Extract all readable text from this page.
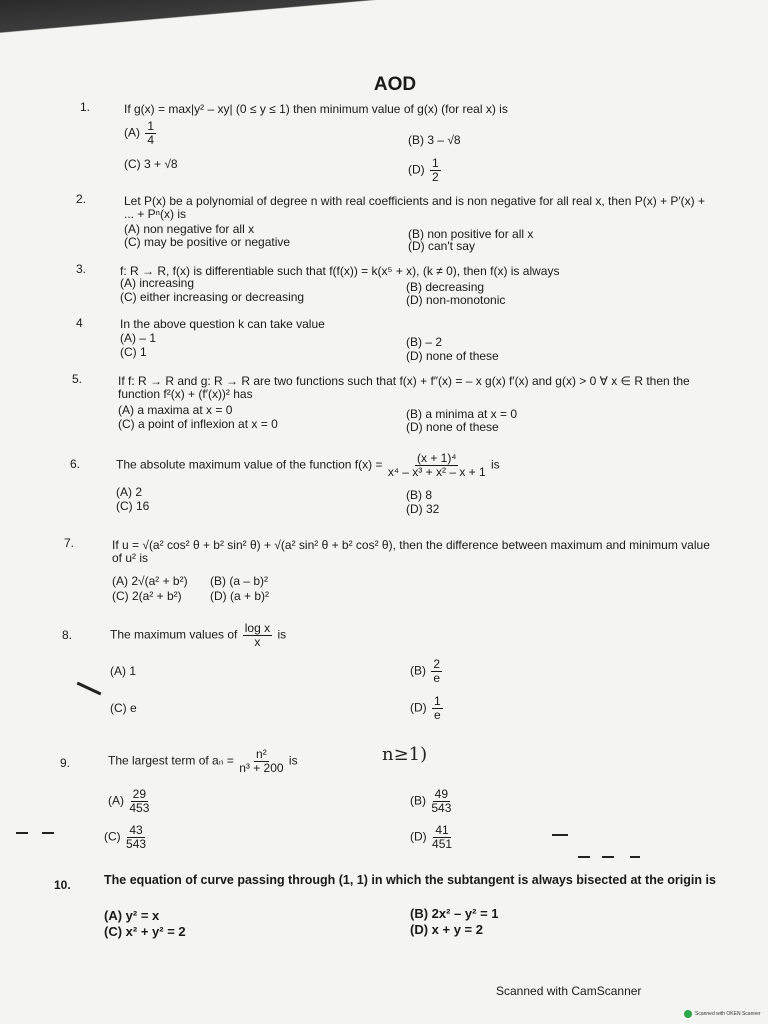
AOD
1.	If g(x) = max|y² – xy| (0 ≤ y ≤ 1) then minimum value of g(x) (for real x) is
$(A) \frac{1}{4}$	(B) 3 – √8
(C) 3 + √8	$(D) \frac{1}{2}$
2.	Let P(x) be a polynomial of degree n with real coefficients and is non negative for all real x, then P(x) + P′(x) + ... + Pⁿ(x) is
(A) non negative for all x	(B) non positive for all x
(C) may be positive or negative	(D) can't say
3.	f: R → R, f(x) is differentiable such that f(f(x)) = k(x⁵ + x), (k ≠ 0), then f(x) is always
(A) increasing	(B) decreasing
(C) either increasing or decreasing	(D) non-monotonic
4	In the above question k can take value
(A) – 1	(B) – 2
(C) 1	(D) none of these
5.	If f: R → R and g: R → R are two functions such that f(x) + f″(x) = – x g(x) f′(x) and g(x) > 0 ∀ x ∈ R then the function f²(x) + (f′(x))² has
(A) a maxima at x = 0	(B) a minima at x = 0
(C) a point of inflexion at x = 0	(D) none of these
6.	The absolute maximum value of the function $f(x) = \frac{\text{(x + 1)⁴}}{\text{x⁴ – x³ + x² – x + 1}}$ is
(A) 2	(B) 8
(C) 16	(D) 32
7.	If u = √(a² cos² θ + b² sin² θ) + √(a² sin² θ + b² cos² θ), then the difference between maximum and minimum value of u² is
(A) 2√(a² + b²) (B) (a – b)²
(C) 2(a² + b²) (D) (a + b)²
8.	The maximum values of $\frac{\text{log x}}{x}$ is
(A) 1	$(B) \frac{2}{e}$
(C) e	$(D) \frac{1}{e}$
9.	The largest term of $a_n = \frac{\text{n²}}{\text{n³ + 200}}$ is
$(A) \frac{29}{453}$	$(B) \frac{49}{543}$
$(C) \frac{43}{543}$	$(D) \frac{41}{451}$
10.	The equation of curve passing through (1, 1) in which the subtangent is always bisected at the origin is
(A) y² = x	(B) 2x² – y² = 1
(C) x² + y² = 2	(D) x + y = 2
n≥1)
Scanned with CamScanner
Scanned with OKEN Scanner
